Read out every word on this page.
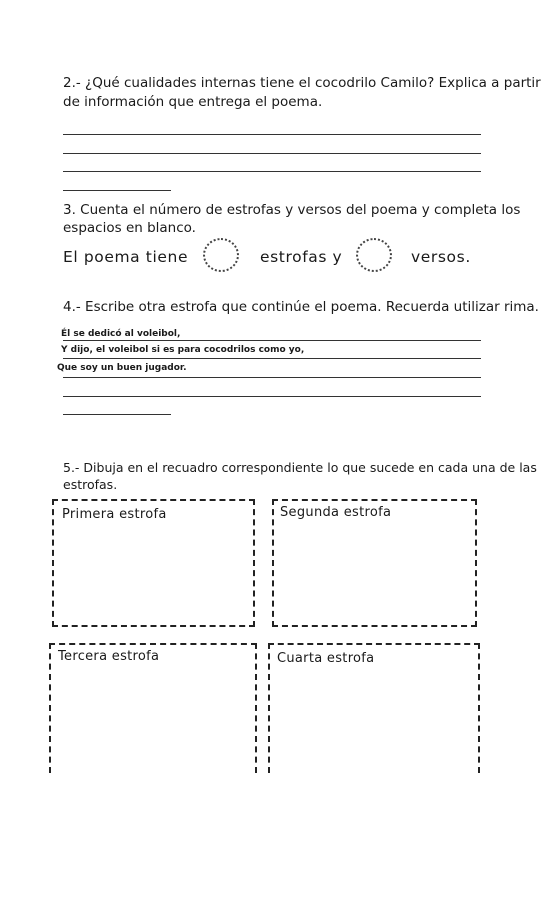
2.- ¿Qué cualidades internas tiene el cocodrilo Camilo? Explica a partir
de información que entrega el poema.
3. Cuenta el número de estrofas y versos del poema y completa los
espacios en blanco.
El poema tiene	estrofas y	versos.
4.- Escribe otra estrofa que continúe el poema. Recuerda utilizar rima.
Él se dedicó al voleibol,
Y dijo, el voleibol si es para cocodrilos como yo,
Que soy un buen jugador.
5.- Dibuja en el recuadro correspondiente lo que sucede en cada una de las
estrofas.
Primera estrofa	Segunda estrofa
Tercera estrofa	Cuarta estrofa
